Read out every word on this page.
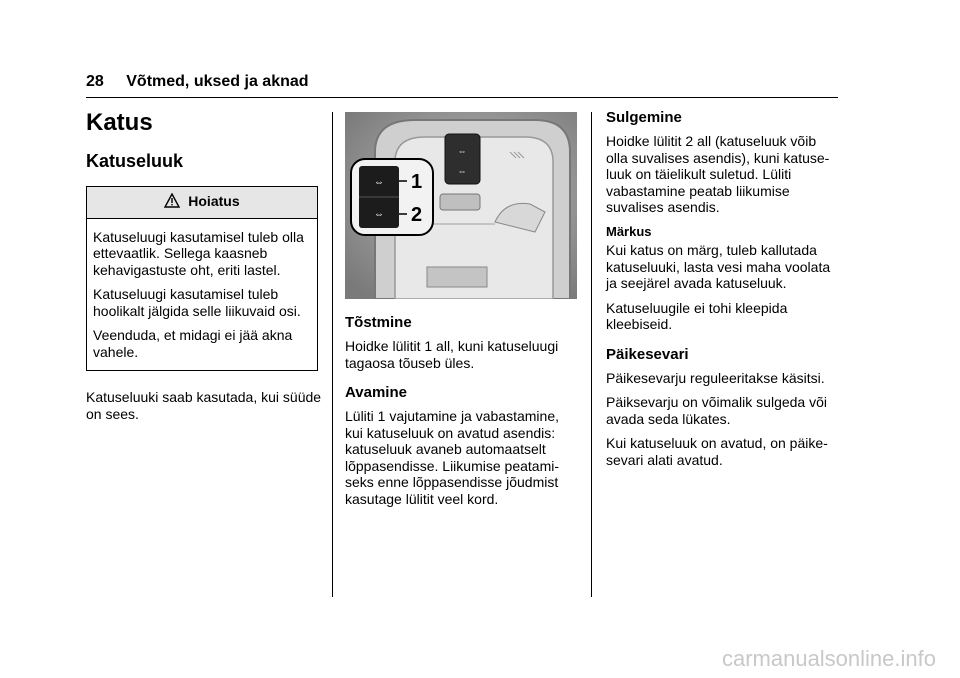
28 Võtmed, uksed ja aknad
Katus
Katuseluuk
Hoiatus

Katuseluugi kasutamisel tuleb olla ettevaatlik. Sellega kaasneb kehavigastuste oht, eriti lastel.

Katuseluugi kasutamisel tuleb hoolikalt jälgida selle liikuvaid osi.

Veenduda, et midagi ei jää akna vahele.

Katuseluuki saab kasutada, kui süüde on sees.

⇔
⇔
⇔
⇔
1
2
Tõstmine

Hoidke lülitit 1 all, kuni katuseluugi tagaosa tõuseb üles.

Avamine

Lüliti 1 vajutamine ja vabastamine, kui katuseluuk on avatud asendis: katuseluuk avaneb automaatselt lõppasendisse. Liikumise peatami-seks enne lõppasendisse jõudmist kasutage lülitit veel kord.

Sulgemine

Hoidke lülitit 2 all (katuseluuk võib olla suvalises asendis), kuni katuse-luuk on täielikult suletud. Lüliti vabastamine peatab liikumise suvalises asendis.

Märkus

Kui katus on märg, tuleb kallutada katuseluuki, lasta vesi maha voolata ja seejärel avada katuseluuk.

Katuseluugile ei tohi kleepida kleebiseid.

Päikesevari

Päikesevarju reguleeritakse käsitsi.

Päiksevarju on võimalik sulgeda või avada seda lükates.

Kui katuseluuk on avatud, on päike-sevari alati avatud.

carmanualsonline.info
